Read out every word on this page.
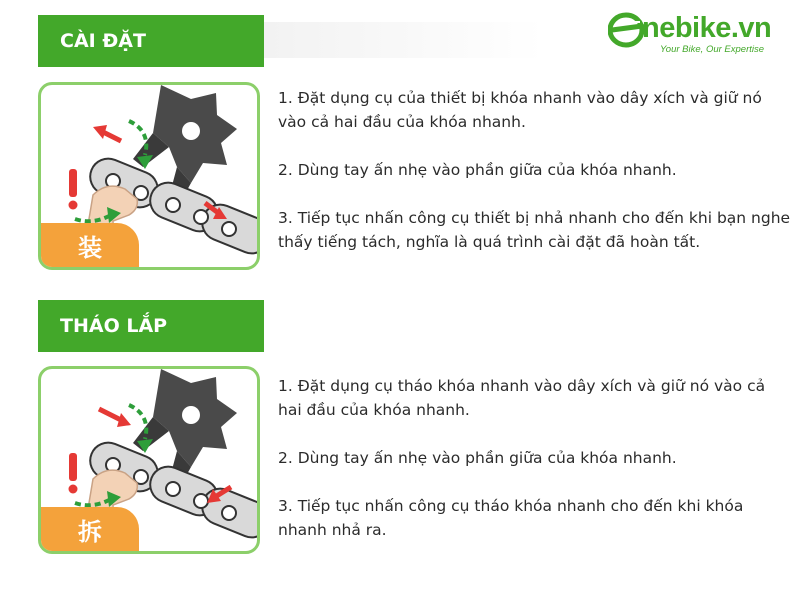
nebike.vn
Your Bike, Our Expertise
CÀI ĐẶT
装

1. Đặt dụng cụ của thiết bị khóa nhanh vào dây xích và giữ nó vào cả hai đầu của khóa nhanh.

2. Dùng tay ấn nhẹ vào phần giữa của khóa nhanh.

3. Tiếp tục nhấn công cụ thiết bị nhả nhanh cho đến khi bạn nghe thấy tiếng tách, nghĩa là quá trình cài đặt đã hoàn tất.

THÁO LẮP
拆

1. Đặt dụng cụ tháo khóa nhanh vào dây xích và giữ nó vào cả hai đầu của khóa nhanh.

2. Dùng tay ấn nhẹ vào phần giữa của khóa nhanh.

3. Tiếp tục nhấn công cụ tháo khóa nhanh cho đến khi khóa nhanh nhả ra.
